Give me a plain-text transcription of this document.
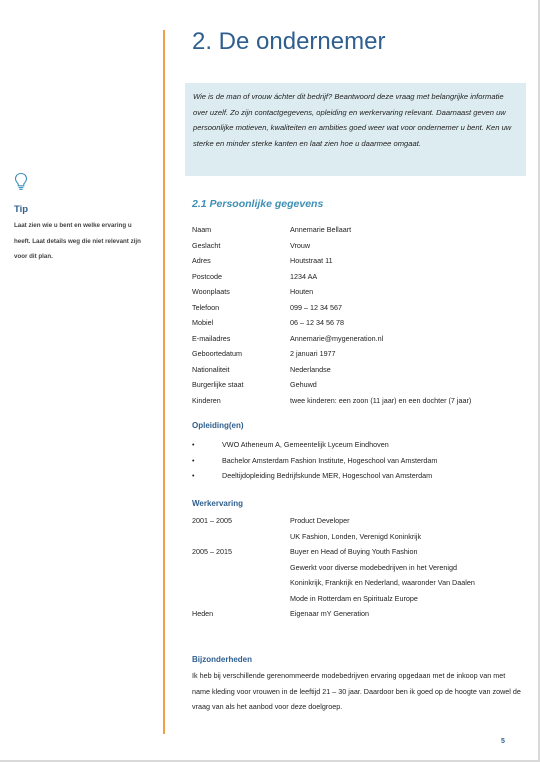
2. De ondernemer
Wie is de man of vrouw áchter dit bedrijf? Beantwoord deze vraag met belangrijke informatie over uzelf. Zo zijn contactgegevens, opleiding en werkervaring relevant. Daarnaast geven uw persoonlijke motieven, kwaliteiten en ambities goed weer wat voor ondernemer u bent. Ken uw sterke en minder sterke kanten en laat zien hoe u daarmee omgaat.
Tip
Laat zien wie u bent en welke ervaring u heeft. Laat details weg die niet relevant zijn voor dit plan.
2.1 Persoonlijke gegevens
Naam	Annemarie Bellaart
Geslacht	Vrouw
Adres	Houtstraat 11
Postcode	1234 AA
Woonplaats	Houten
Telefoon	099 – 12 34 567
Mobiel	06 – 12 34 56 78
E-mailadres	Annemarie@mygeneration.nl
Geboortedatum	2 januari 1977
Nationaliteit	Nederlandse
Burgerlijke staat	Gehuwd
Kinderen	twee kinderen: een zoon (11 jaar) en een dochter (7 jaar)
Opleiding(en)
•	VWO Atheneum A, Gemeentelijk Lyceum Eindhoven
•	Bachelor Amsterdam Fashion Institute, Hogeschool van Amsterdam
•	Deeltijdopleiding Bedrijfskunde MER, Hogeschool van Amsterdam
Werkervaring
2001 – 2005	Product Developer
UK Fashion, Londen, Verenigd Koninkrijk
2005 – 2015	Buyer en Head of Buying Youth Fashion
Gewerkt voor diverse modebedrijven in het Verenigd
Koninkrijk, Frankrijk en Nederland, waaronder Van Daalen
Mode in Rotterdam en Spiritualz Europe
Heden	Eigenaar mY Generation
Bijzonderheden
Ik heb bij verschillende gerenommeerde modebedrijven ervaring opgedaan met de inkoop van met name kleding voor vrouwen in de leeftijd 21 – 30 jaar. Daardoor ben ik goed op de hoogte van zowel de vraag van als het aanbod voor deze doelgroep.
5
